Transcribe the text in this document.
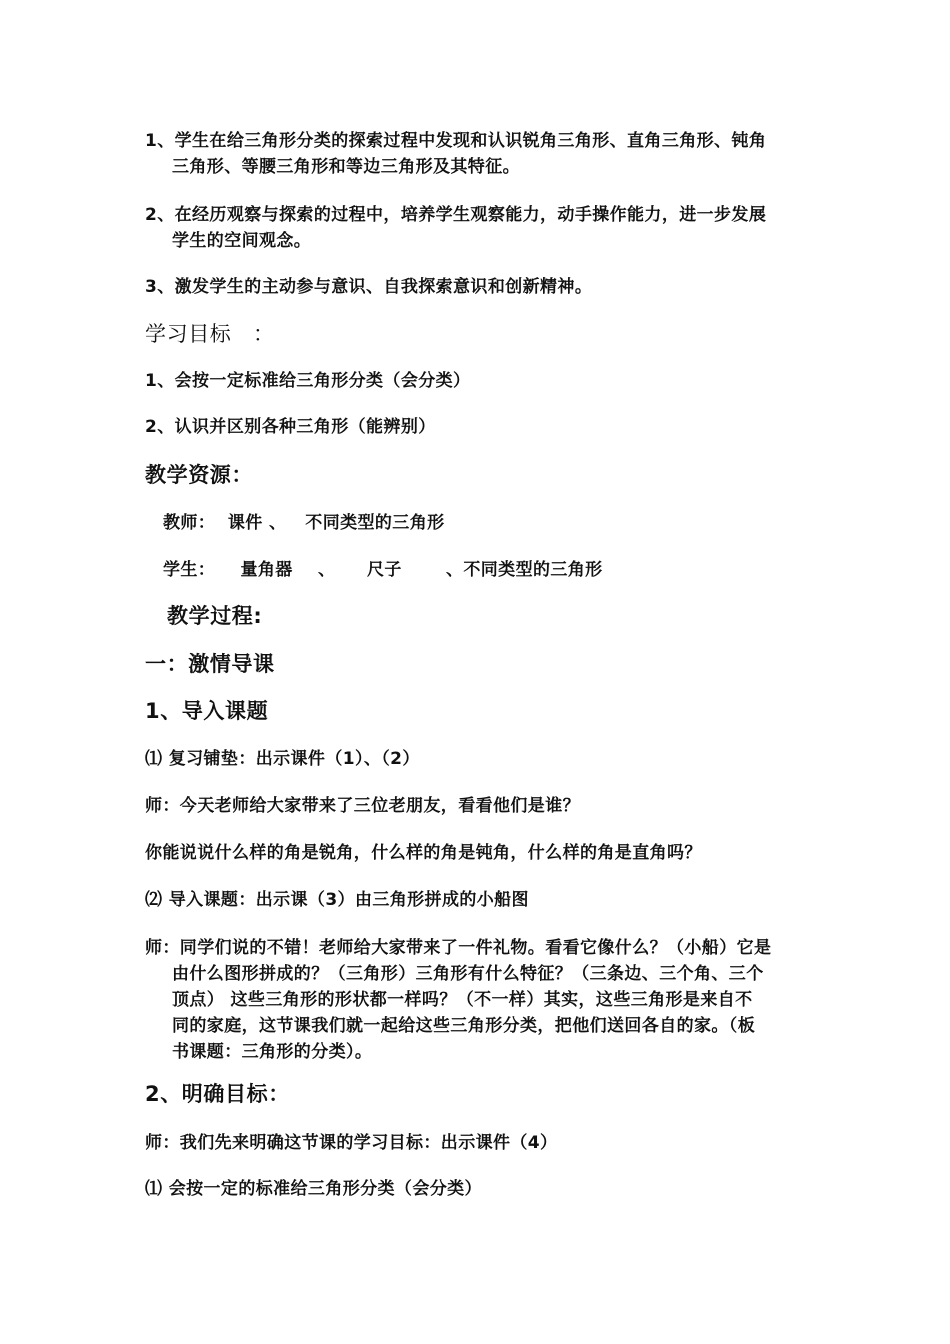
1、学生在给三角形分类的探索过程中发现和认识锐角三角形、直角三角形、钝角

三角形、等腰三角形和等边三角形及其特征。

2、在经历观察与探索的过程中，培养学生观察能力，动手操作能力，进一步发展

学生的空间观念。

3、激发学生的主动参与意识、自我探索意识和创新精神。

学习目标　：

1、会按一定标准给三角形分类（会分类）

2、认识并区别各种三角形（能辨别）

教学资源：

教师：  课件 、   不同类型的三角形

学生：    量角器    、     尺子       、不同类型的三角形

教学过程:

一：激情导课

1、导入课题

⑴ 复习铺垫：出示课件（1）、（2）

师：今天老师给大家带来了三位老朋友，看看他们是谁？

你能说说什么样的角是锐角，什么样的角是钝角，什么样的角是直角吗？

⑵ 导入课题：出示课（3）由三角形拼成的小船图

师：同学们说的不错！老师给大家带来了一件礼物。看看它像什么？（小船）它是

由什么图形拼成的？（三角形）三角形有什么特征？（三条边、三个角、三个

顶点） 这些三角形的形状都一样吗？（不一样）其实，这些三角形是来自不

同的家庭，这节课我们就一起给这些三角形分类，把他们送回各自的家。（板

书课题：三角形的分类）。

2、明确目标：

师：我们先来明确这节课的学习目标：出示课件（4）

⑴ 会按一定的标准给三角形分类（会分类）
